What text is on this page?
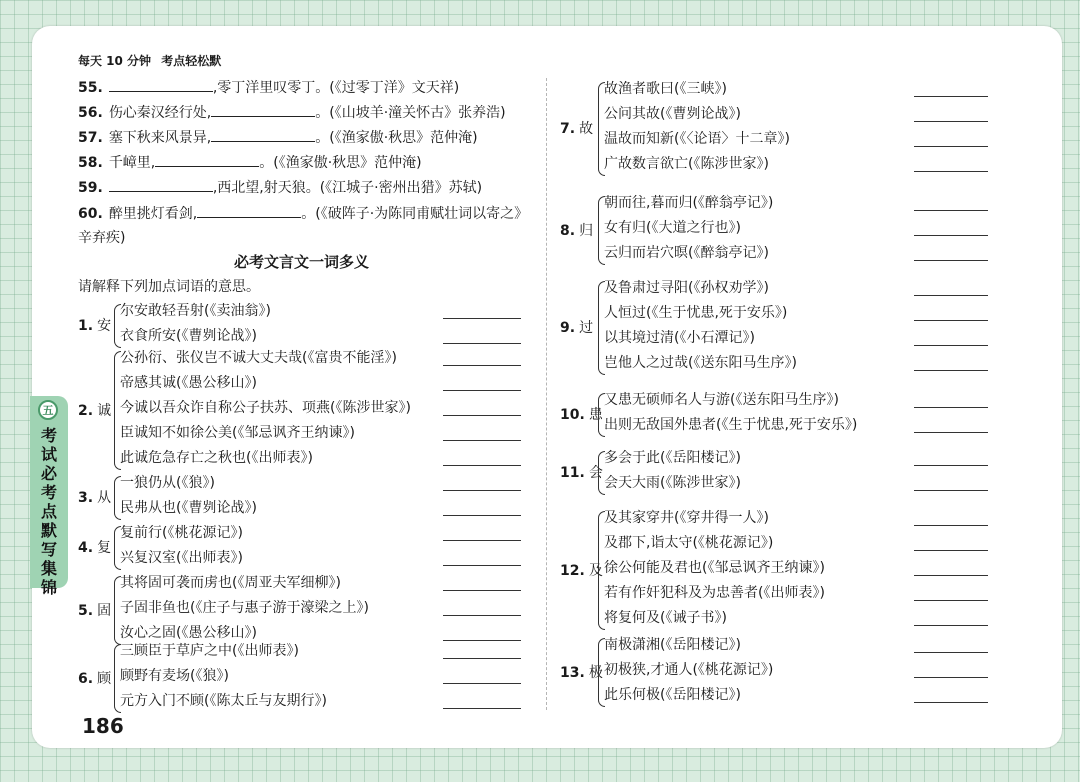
每天 10 分钟 考点轻松默
五
考试必考点默写集锦
55.	,零丁洋里叹零丁。(《过零丁洋》文天祥)
56. 伤心秦汉经行处,	。(《山坡羊·潼关怀古》张养浩)
57. 塞下秋来风景异,	。(《渔家傲·秋思》范仲淹)
58. 千嶂里,	。(《渔家傲·秋思》范仲淹)
59.	,西北望,射天狼。(《江城子·密州出猎》苏轼)
60. 醉里挑灯看剑,	。(《破阵子·为陈同甫赋壮词以寄之》辛弃疾)
必考文言文一词多义
请解释下列加点词语的意思。
1. 安
尔安敢轻吾射(《卖油翁》)
衣食所安(《曹刿论战》)
2. 诚
公孙衍、张仪岂不诚大丈夫哉(《富贵不能淫》)
帝感其诚(《愚公移山》)
今诚以吾众诈自称公子扶苏、项燕(《陈涉世家》)
臣诚知不如徐公美(《邹忌讽齐王纳谏》)
此诚危急存亡之秋也(《出师表》)
3. 从
一狼仍从(《狼》)
民弗从也(《曹刿论战》)
4. 复
复前行(《桃花源记》)
兴复汉室(《出师表》)
5. 固
其将固可袭而虏也(《周亚夫军细柳》)
子固非鱼也(《庄子与惠子游于濠梁之上》)
汝心之固(《愚公移山》)
6. 顾
三顾臣于草庐之中(《出师表》)
顾野有麦场(《狼》)
元方入门不顾(《陈太丘与友期行》)
7. 故
故渔者歌曰(《三峡》)
公问其故(《曹刿论战》)
温故而知新(《〈论语〉十二章》)
广故数言欲亡(《陈涉世家》)
8. 归
朝而往,暮而归(《醉翁亭记》)
女有归(《大道之行也》)
云归而岩穴暝(《醉翁亭记》)
9. 过
及鲁肃过寻阳(《孙权劝学》)
人恒过(《生于忧患,死于安乐》)
以其境过清(《小石潭记》)
岂他人之过哉(《送东阳马生序》)
10. 患
又患无硕师名人与游(《送东阳马生序》)
出则无敌国外患者(《生于忧患,死于安乐》)
11. 会
多会于此(《岳阳楼记》)
会天大雨(《陈涉世家》)
12. 及
及其家穿井(《穿井得一人》)
及郡下,诣太守(《桃花源记》)
徐公何能及君也(《邹忌讽齐王纳谏》)
若有作奸犯科及为忠善者(《出师表》)
将复何及(《诫子书》)
13. 极
南极潇湘(《岳阳楼记》)
初极狭,才通人(《桃花源记》)
此乐何极(《岳阳楼记》)
186
